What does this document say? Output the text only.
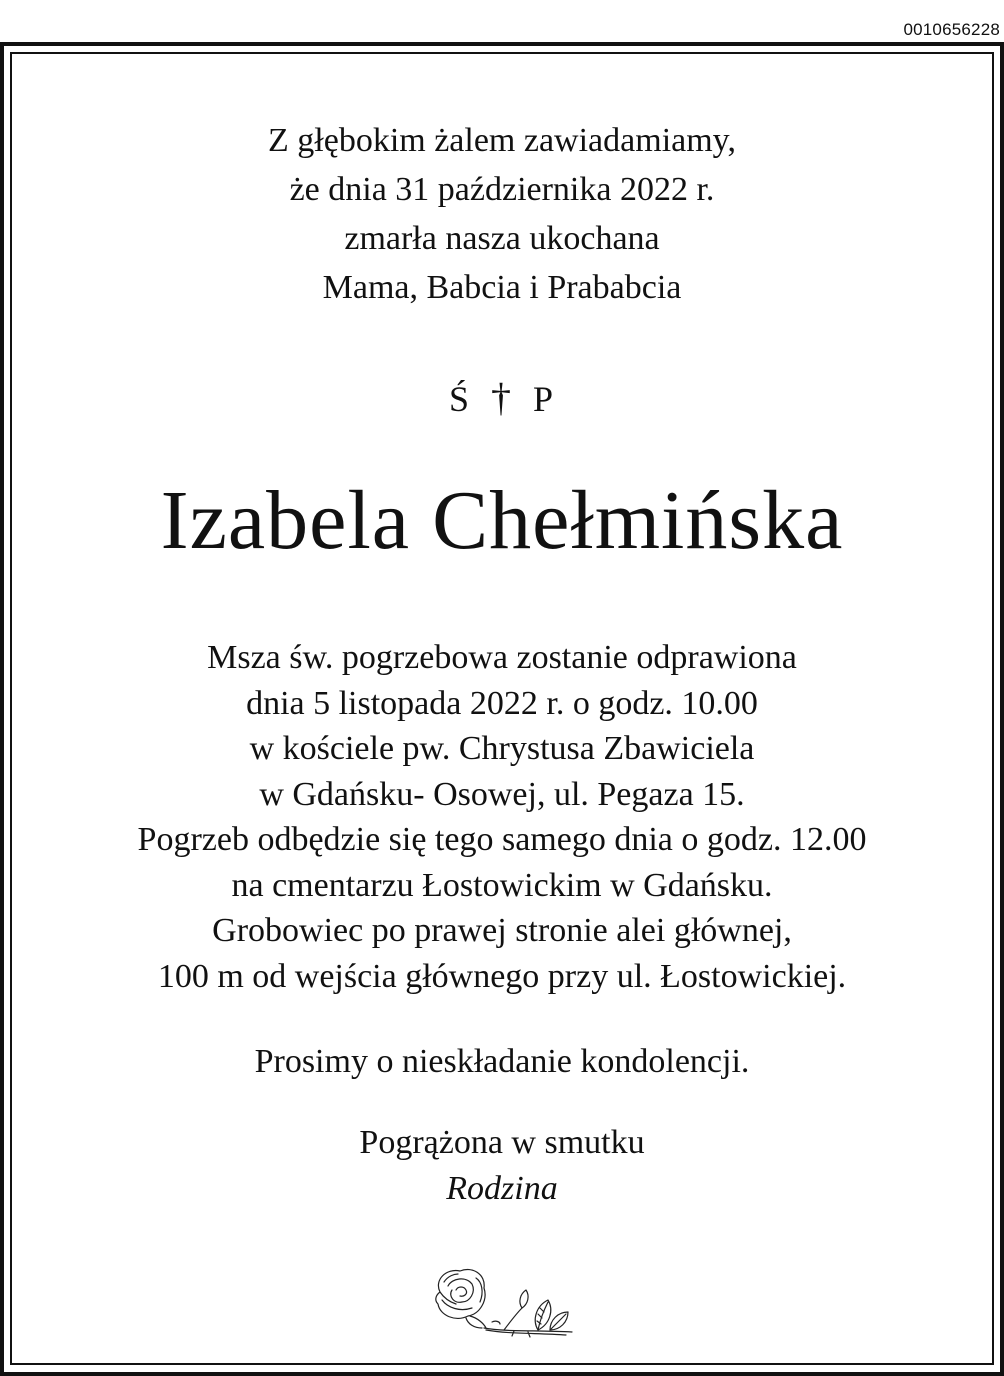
0010656228
Z głębokim żalem zawiadamiamy,
że dnia 31 października 2022 r.
zmarła nasza ukochana
Mama, Babcia i Prababcia
Ś † P
Izabela Chełmińska
Msza św. pogrzebowa zostanie odprawiona
dnia 5 listopada 2022 r. o godz. 10.00
w kościele pw. Chrystusa Zbawiciela
w Gdańsku- Osowej, ul. Pegaza 15.
Pogrzeb odbędzie się tego samego dnia o godz. 12.00
na cmentarzu Łostowickim w Gdańsku.
Grobowiec po prawej stronie alei głównej,
100 m od wejścia głównego przy ul. Łostowickiej.
Prosimy o nieskładanie kondolencji.
Pogrążona w smutku
Rodzina
